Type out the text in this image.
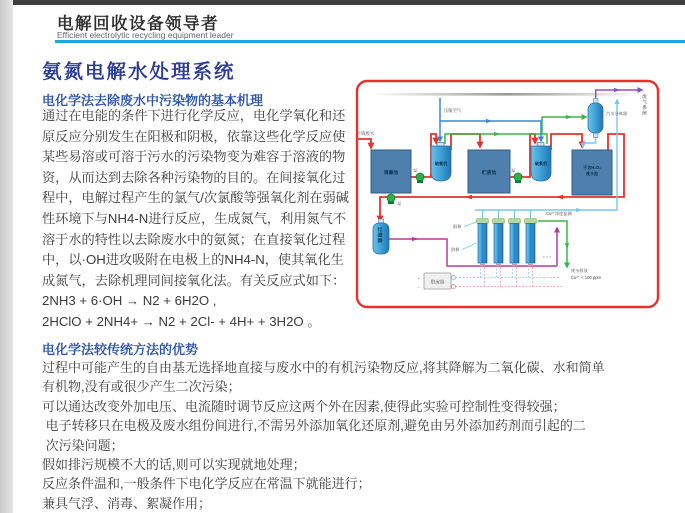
电解回收设备领导者
Efficient electrolytic recycling equipment leader
氨氮电解水处理系统
电化学法去除废水中污染物的基本机理
通过在电能的条件下进行化学反应，电化学氧化和还
原反应分别发生在阳极和阴极，依靠这些化学反应使
某些易溶或可溶于污水的污染物变为难容于溶液的物
资，从而达到去除各种污染物的目的。在间接氧化过
程中，电解过程产生的氯气/次氯酸等强氧化剂在弱碱
性环境下与NH4-N进行反应，生成氮气，利用氮气不
溶于水的特性以去除废水中的氨氮；在直接氧化过程
中，以·OH进攻吸附在电极上的NH4-N，使其氧化生
成氮气，去除机理同间接氧化法。有关反应式如下：
2NH3 + 6·OH → N2 + 6H2O ,
2HClO + 2NH4+ → N2 + 2Cl- + 4H+ + 3H2O 。
电化学法较传统方法的优势
过程中可能产生的自由基无选择地直接与废水中的有机污染物反应,将其降解为二氧化碳、水和简单
有机物,没有或很少产生二次污染；
可以通达改变外加电压、电流随时调节反应这两个外在因素,使得此实验可控制性变得较强；
电子转移只在电极及废水组份间进行,不需另外添加氧化还原剂,避免由另外添加药剂而引起的二
次污染问题；
假如排污规模不大的话,则可以实现就地处理；
反应条件温和,一般条件下电化学反应在常温下就能进行；
兼具气浮、消毒、絮凝作用；
调蓄池	贮液池
不含H₂O₂
废水池
破氧机	破氧机
汽水分离器
阳极
阴极
···
泵
泵
泵
整流器
+
−
产线废水
压缩空气
Cu²⁺浓度监测
废水排放
Cu²⁺ < 100 ppm
过滤器
废气系统
